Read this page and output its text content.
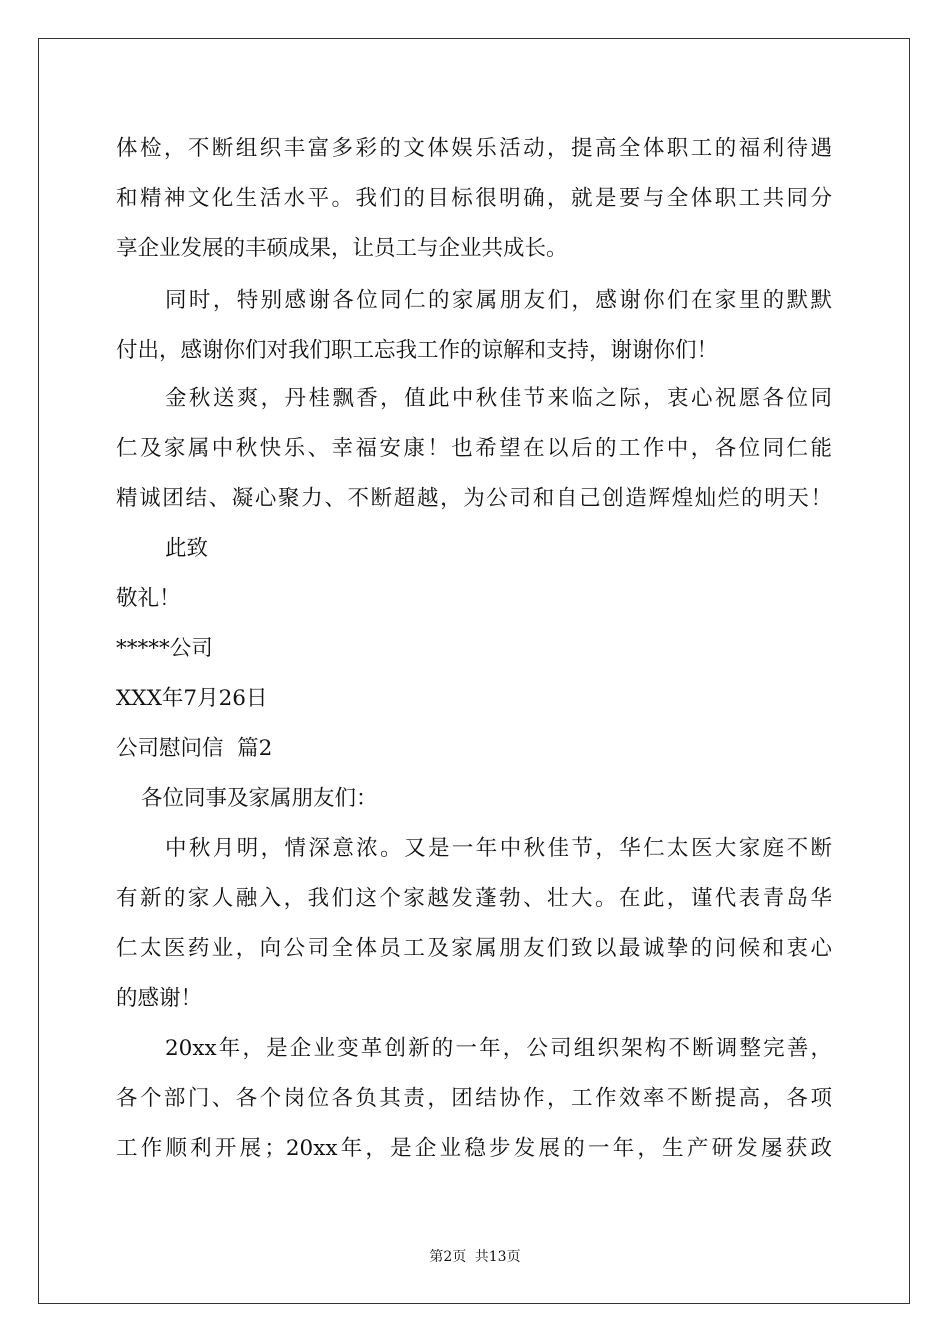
体检，不断组织丰富多彩的文体娱乐活动，提高全体职工的福利待遇
和精神文化生活水平。我们的目标很明确，就是要与全体职工共同分
享企业发展的丰硕成果，让员工与企业共成长。
同时，特别感谢各位同仁的家属朋友们，感谢你们在家里的默默
付出，感谢你们对我们职工忘我工作的谅解和支持，谢谢你们！
金秋送爽，丹桂飘香，值此中秋佳节来临之际，衷心祝愿各位同
仁及家属中秋快乐、幸福安康！也希望在以后的工作中，各位同仁能
精诚团结、凝心聚力、不断超越，为公司和自己创造辉煌灿烂的明天！
此致
敬礼！
*****公司
XXX年7月26日
公司慰问信  篇2
各位同事及家属朋友们：
中秋月明，情深意浓。又是一年中秋佳节，华仁太医大家庭不断
有新的家人融入，我们这个家越发蓬勃、壮大。在此，谨代表青岛华
仁太医药业，向公司全体员工及家属朋友们致以最诚挚的问候和衷心
的感谢！
20xx年，是企业变革创新的一年，公司组织架构不断调整完善，
各个部门、各个岗位各负其责，团结协作，工作效率不断提高，各项
工作顺利开展；20xx年，是企业稳步发展的一年，生产研发屡获政
第2页 共13页
